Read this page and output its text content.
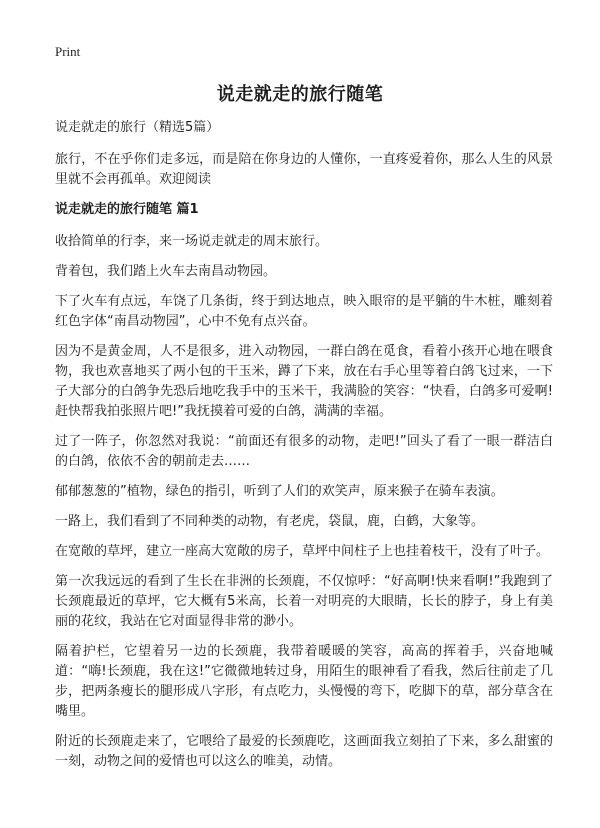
Print
说走就走的旅行随笔

说走就走的旅行（精选5篇）

旅行，不在乎你们走多远，而是陪在你身边的人懂你，一直疼爱着你，那么人生的风景里就不会再孤单。欢迎阅读

说走就走的旅行随笔 篇1

收拾简单的行李，来一场说走就走的周末旅行。

背着包，我们踏上火车去南昌动物园。

下了火车有点远，车饶了几条街，终于到达地点，映入眼帘的是平躺的牛木桩，雕刻着红色字体“南昌动物园”，心中不免有点兴奋。

因为不是黄金周，人不是很多，进入动物园，一群白鸽在觅食，看着小孩开心地在喂食物，我也欢喜地买了两小包的干玉米，蹲了下来，放在右手心里等着白鸽飞过来，一下子大部分的白鸽争先恐后地吃我手中的玉米干，我满脸的笑容：“快看，白鸽多可爱啊!赶快帮我拍张照片吧!”我抚摸着可爱的白鸽，满满的幸福。

过了一阵子，你忽然对我说：“前面还有很多的动物，走吧!”回头了看了一眼一群洁白的白鸽，依依不舍的朝前走去……

郁郁葱葱的”植物，绿色的指引，听到了人们的欢笑声，原来猴子在骑车表演。

一路上，我们看到了不同种类的动物，有老虎，袋鼠，鹿，白鹤，大象等。

在宽敞的草坪，建立一座高大宽敞的房子，草坪中间柱子上也挂着枝干，没有了叶子。

第一次我远远的看到了生长在非洲的长颈鹿，不仅惊呼：“好高啊!快来看啊!”我跑到了长颈鹿最近的草坪，它大概有5米高，长着一对明亮的大眼睛，长长的脖子，身上有美丽的花纹，我站在它对面显得非常的渺小。

隔着护栏，它望着另一边的长颈鹿，我带着暖暖的笑容，高高的挥着手，兴奋地喊道：“嗨!长颈鹿，我在这!”它微微地转过身，用陌生的眼神看了看我，然后往前走了几步，把两条瘦长的腿形成八字形，有点吃力，头慢慢的弯下，吃脚下的草，部分草含在嘴里。

附近的长颈鹿走来了，它喂给了最爱的长颈鹿吃，这画面我立刻拍了下来，多么甜蜜的一刻，动物之间的爱情也可以这么的唯美，动情。
